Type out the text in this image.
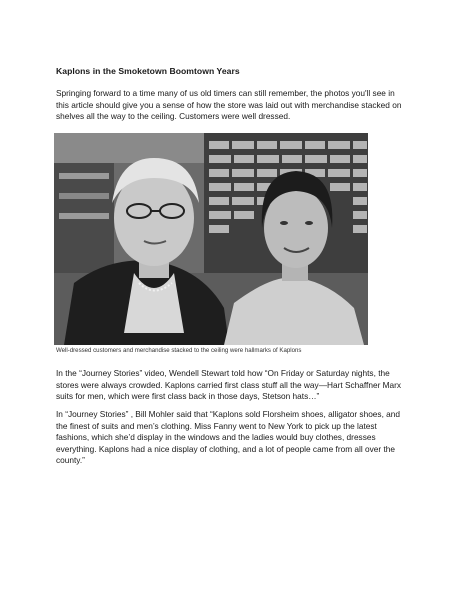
Kaplons in the Smoketown Boomtown Years
Springing forward to a time many of us old timers can still remember, the photos you'll see in this article should give you a sense of how the store was laid out with merchandise stacked on shelves all the way to the ceiling. Customers were well dressed.
Well-dressed customers and merchandise stacked to the ceiling were hallmarks of Kaplons
In the “Journey Stories” video, Wendell Stewart told how “On Friday or Saturday nights, the stores were always crowded. Kaplons carried first class stuff all the way—Hart Schaffner Marx suits for men, which were first class back in those days, Stetson hats…”
In “Journey Stories” , Bill Mohler said that “Kaplons sold Florsheim shoes, alligator shoes, and the finest of suits and men’s clothing. Miss Fanny went to New York to pick up the latest fashions, which she’d display in the windows and the ladies would buy clothes, dresses everything. Kaplons had a nice display of clothing, and a lot of people came from all over the county.”
